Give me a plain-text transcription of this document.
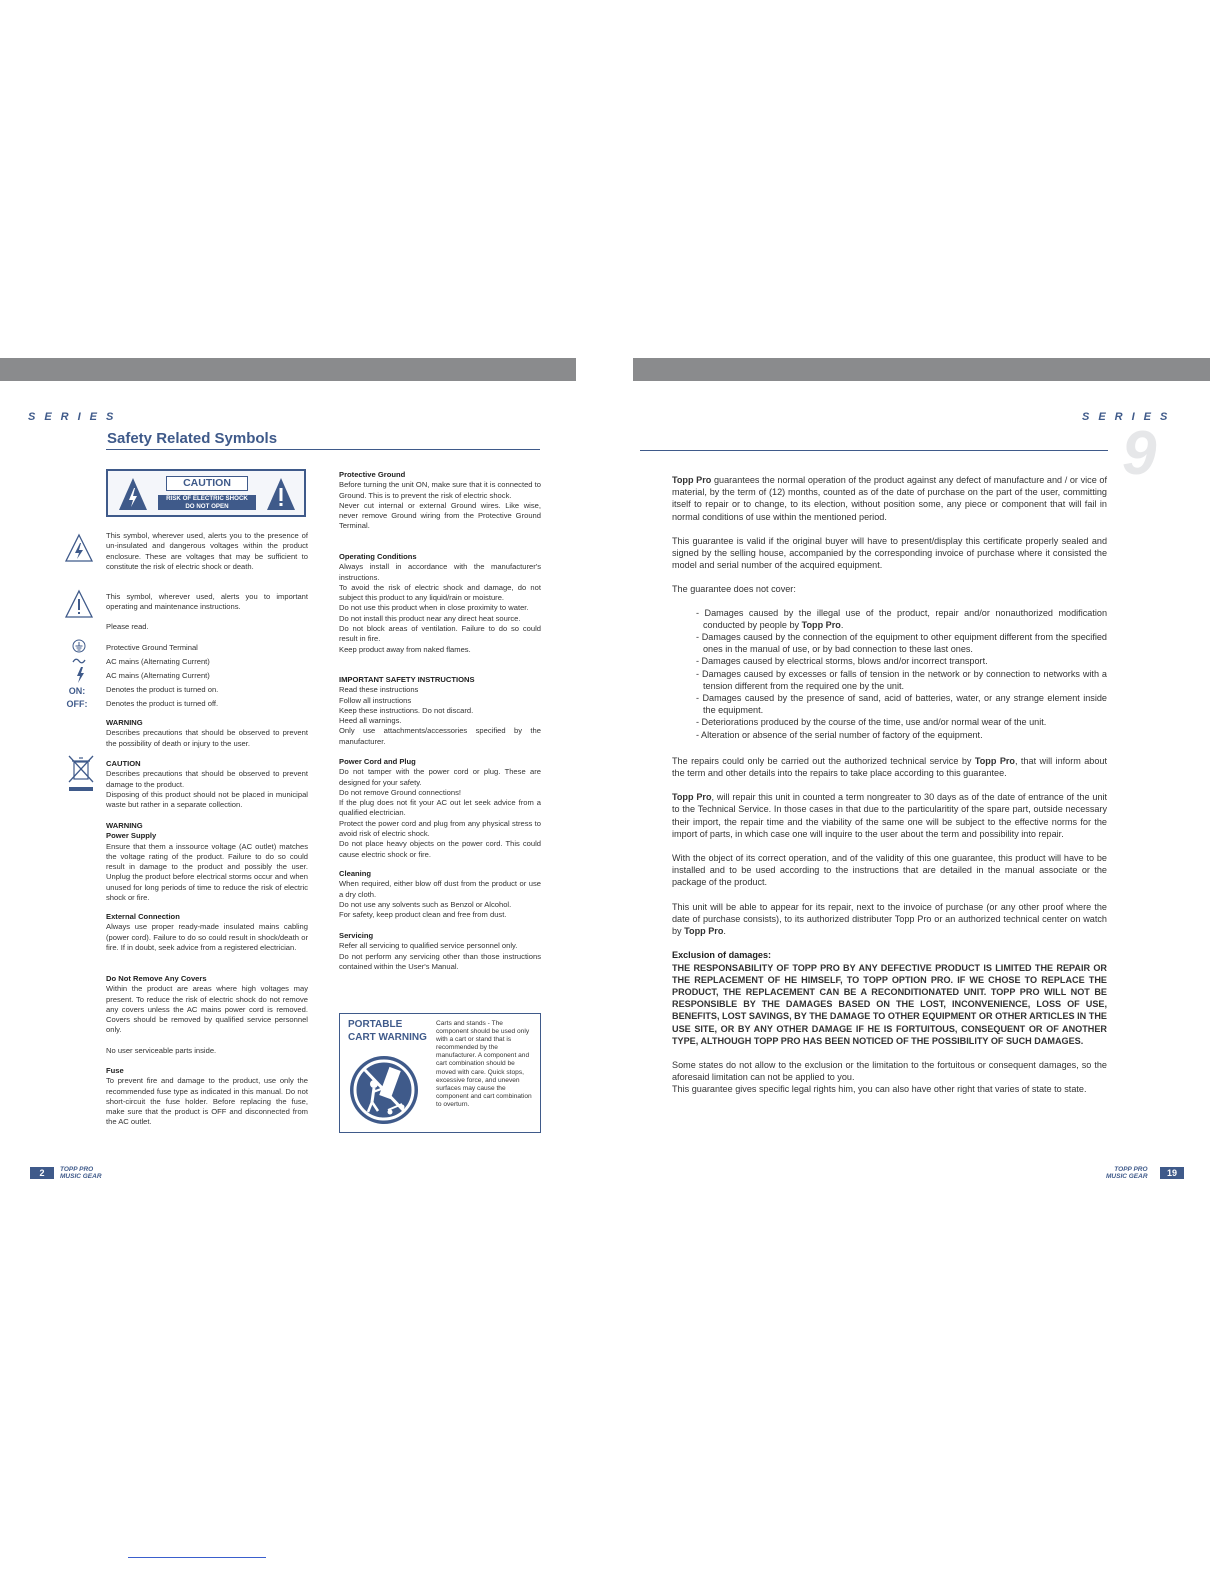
SERIES
Safety Related Symbols
CAUTION
RISK OF ELECTRIC SHOCK
DO NOT OPEN
ON:
OFF:

This symbol, wherever used, alerts you to the presence of un-insulated and dangerous voltages within the product enclosure. These are voltages that may be sufficient to constitute the risk of electric shock or death.

This symbol, wherever used, alerts you to important operating and maintenance instructions.

Please read.

Protective Ground Terminal

AC mains (Alternating Current)

AC mains (Alternating Current)

Denotes the product is turned on.

Denotes the product is turned off.

WARNING

Describes precautions that should be observed to prevent the possibility of death or injury to the user.

CAUTION

Describes precautions that should be observed to prevent damage to the product.

Disposing of this product should not be placed in municipal waste but rather in a separate collection.

WARNING

Power Supply

Ensure that them a inssource voltage (AC outlet) matches the voltage rating of the product. Failure to do so could result in damage to the product and possibly the user. Unplug the product before electrical storms occur and when unused for long periods of time to reduce the risk of electric shock or fire.

External Connection

Always use proper ready-made insulated mains cabling (power cord). Failure to do so could result in shock/death or fire. If in doubt, seek advice from a registered electrician.

Do Not Remove Any Covers

Within the product are areas where high voltages may present. To reduce the risk of electric shock do not remove any covers unless the AC mains power cord is removed. Covers should be removed by qualified service personnel only.

No user serviceable parts inside.

Fuse

To prevent fire and damage to the product, use only the recommended fuse type as indicated in this manual. Do not short-circuit the fuse holder. Before replacing the fuse, make sure that the product is OFF and disconnected from the AC outlet.

Protective Ground

Before turning the unit ON, make sure that it is connected to Ground. This is to prevent the risk of electric shock.

Never cut internal or external Ground wires. Like wise, never remove Ground wiring from the Protective Ground Terminal.

Operating Conditions

Always install in accordance with the manufacturer's instructions.

To avoid the risk of electric shock and damage, do not subject this product to any liquid/rain or moisture.

Do not use this product when in close proximity to water.

Do not install this product near any direct heat source.

Do not block areas of ventilation. Failure to do so could result in fire.

Keep product away from naked flames.

IMPORTANT SAFETY INSTRUCTIONS

Read these instructions

Follow all instructions

Keep these instructions. Do not discard.

Heed all warnings.

Only use attachments/accessories specified by the manufacturer.

Power Cord and Plug

Do not tamper with the power cord or plug. These are designed for your safety.

Do not remove Ground connections!

If the plug does not fit your AC out let seek advice from a qualified electrician.

Protect the power cord and plug from any physical stress to avoid risk of electric shock.

Do not place heavy objects on the power cord. This could cause electric shock or fire.

Cleaning

When required, either blow off dust from the product or use a dry cloth.

Do not use any solvents such as Benzol or Alcohol.

For safety, keep product clean and free from dust.

Servicing

Refer all servicing to qualified service personnel only.

Do not perform any servicing other than those instructions contained within the User's Manual.

PORTABLE
CART WARNING
Carts and stands - The component should be used only with a cart or stand that is recommended by the manufacturer. A component and cart combination should be moved with care. Quick stops, excessive force, and uneven surfaces may cause the component and cart combination to overturn.
2	TOPP PRO
MUSIC GEAR
SERIES
9

Topp Pro guarantees the normal operation of the product against any defect of manufacture and / or vice of material, by the term of (12) months, counted as of the date of purchase on the part of the user, committing itself to repair or to change, to its election, without position some, any piece or component that will fail in normal conditions of use within the mentioned period.

This guarantee is valid if the original buyer will have to present/display this certificate properly sealed and signed by the selling house, accompanied by the corresponding invoice of purchase where it consisted the model and serial number of the acquired equipment.

The guarantee does not cover:

- Damages caused by the illegal use of the product, repair and/or nonauthorized modification conducted by people by Topp Pro.
- Damages caused by the connection of the equipment to other equipment different from the specified ones in the manual of use, or by bad connection to these last ones.
- Damages caused by electrical storms, blows and/or incorrect transport.
- Damages caused by excesses or falls of tension in the network or by connection to networks with a tension different from the required one by the unit.
- Damages caused by the presence of sand, acid of batteries, water, or any strange element inside the equipment.
- Deteriorations produced by the course of the time, use and/or normal wear of the unit.
- Alteration or absence of the serial number of factory of the equipment.

The repairs could only be carried out the authorized technical service by Topp Pro, that will inform about the term and other details into the repairs to take place according to this guarantee.

Topp Pro, will repair this unit in counted a term nongreater to 30 days as of the date of entrance of the unit to the Technical Service. In those cases in that due to the particularitity of the spare part, outside necessary their import, the repair time and the viability of the same one will be subject to the effective norms for the import of parts, in which case one will inquire to the user about the term and possibility into repair.

With the object of its correct operation, and of the validity of this one guarantee, this product will have to be installed and to be used according to the instructions that are detailed in the manual associate or the package of the product.

This unit will be able to appear for its repair, next to the invoice of purchase (or any other proof where the date of purchase consists), to its authorized distributer Topp Pro or an authorized technical center on watch by Topp Pro.

Exclusion of damages:

THE RESPONSABILITY OF TOPP PRO BY ANY DEFECTIVE PRODUCT IS LIMITED THE REPAIR OR THE REPLACEMENT OF HE HIMSELF, TO TOPP OPTION PRO. IF WE CHOSE TO REPLACE THE PRODUCT, THE REPLACEMENT CAN BE A RECONDITIONATED UNIT. TOPP PRO WILL NOT BE RESPONSIBLE BY THE DAMAGES BASED ON THE LOST, INCONVENIENCE, LOSS OF USE, BENEFITS, LOST SAVINGS, BY THE DAMAGE TO OTHER EQUIPMENT OR OTHER ARTICLES IN THE USE SITE, OR BY ANY OTHER DAMAGE IF HE IS FORTUITOUS, CONSEQUENT OR OF ANOTHER TYPE, ALTHOUGH TOPP PRO HAS BEEN NOTICED OF THE POSSIBILITY OF SUCH DAMAGES.

Some states do not allow to the exclusion or the limitation to the fortuitous or consequent damages, so the aforesaid limitation can not be applied to you.

This guarantee gives specific legal rights him, you can also have other right that varies of state to state.

TOPP PRO
MUSIC GEAR	19
